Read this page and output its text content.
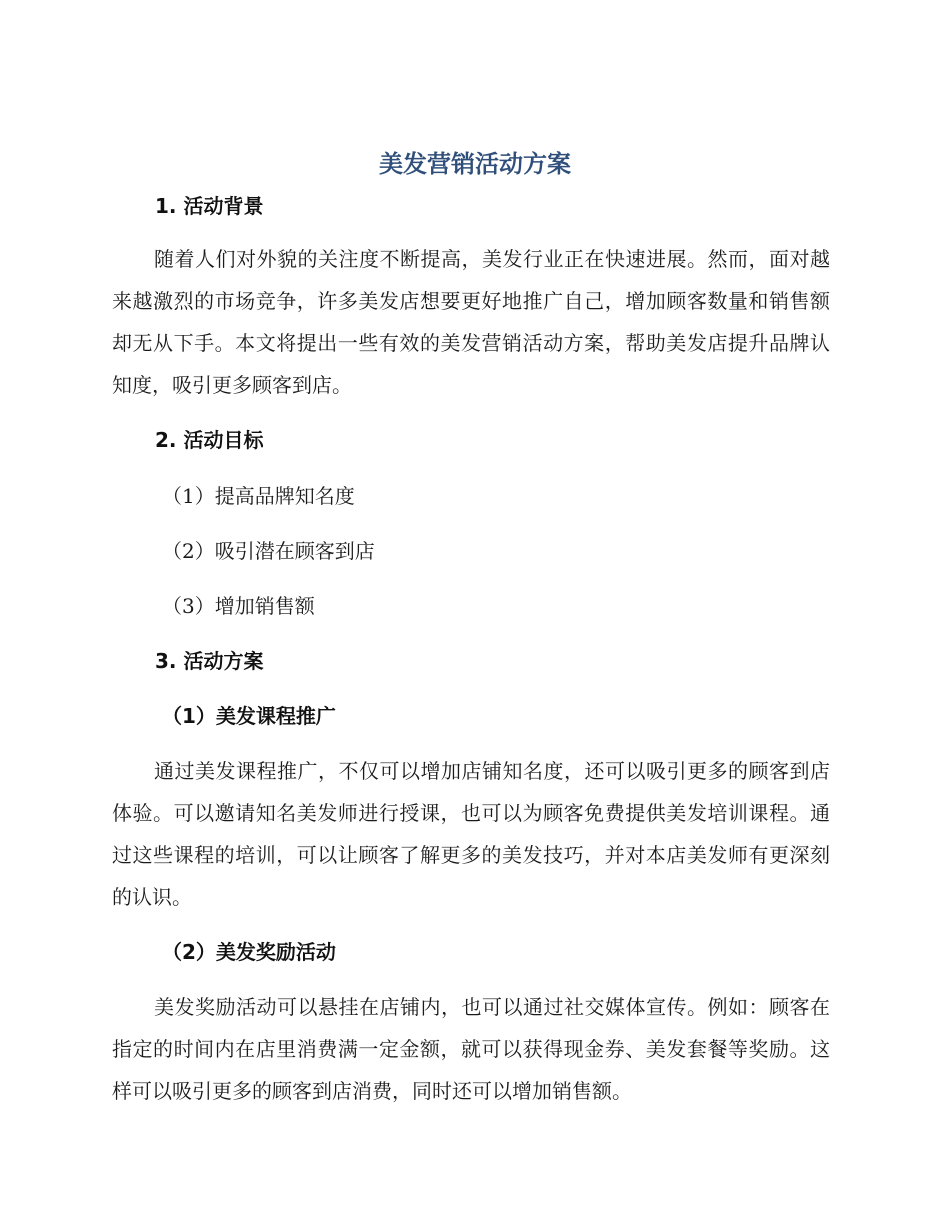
美发营销活动方案
1. 活动背景

随着人们对外貌的关注度不断提高，美发行业正在快速进展。然而，面对越来越激烈的市场竞争，许多美发店想要更好地推广自己，增加顾客数量和销售额却无从下手。本文将提出一些有效的美发营销活动方案，帮助美发店提升品牌认知度，吸引更多顾客到店。

2. 活动目标

（1）提高品牌知名度

（2）吸引潜在顾客到店

（3）增加销售额

3. 活动方案
（1）美发课程推广

通过美发课程推广，不仅可以增加店铺知名度，还可以吸引更多的顾客到店体验。可以邀请知名美发师进行授课，也可以为顾客免费提供美发培训课程。通过这些课程的培训，可以让顾客了解更多的美发技巧，并对本店美发师有更深刻的认识。

（2）美发奖励活动

美发奖励活动可以悬挂在店铺内，也可以通过社交媒体宣传。例如：顾客在指定的时间内在店里消费满一定金额，就可以获得现金券、美发套餐等奖励。这样可以吸引更多的顾客到店消费，同时还可以增加销售额。
